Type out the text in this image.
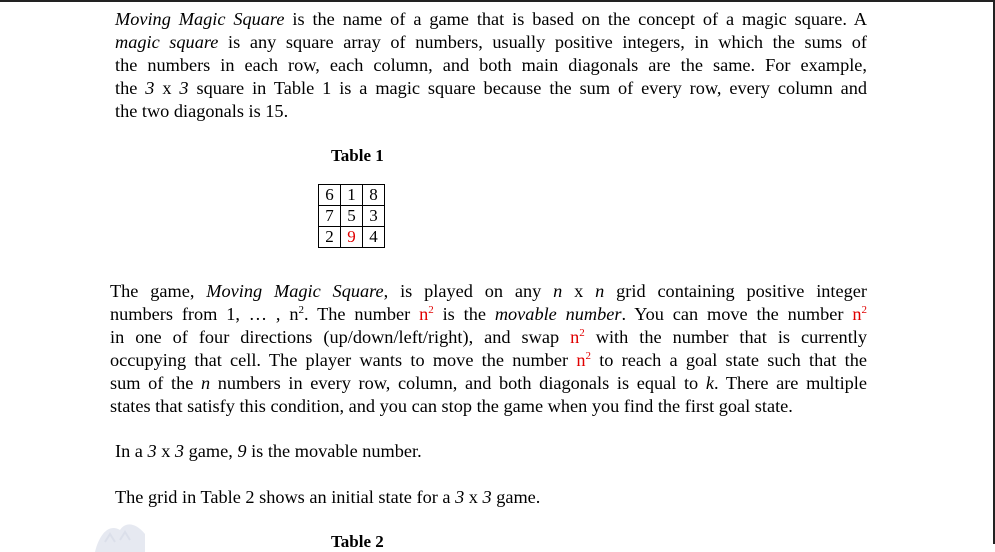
Moving Magic Square is the name of a game that is based on the concept of a magic square. A
magic square is any square array of numbers, usually positive integers, in which the sums of
the numbers in each row, each column, and both main diagonals are the same. For example,
the 3 x 3 square in Table 1 is a magic square because the sum of every row, every column and
the two diagonals is 15.
Table 1
6	1	8
7	5	3
2	9	4
The game, Moving Magic Square, is played on any n x n grid containing positive integer
numbers from 1, … , $n^2$. The number $n^2$ is the movable number. You can move the number $n^2$
in one of four directions (up/down/left/right), and swap $n^2$ with the number that is currently
occupying that cell. The player wants to move the number $n^2$ to reach a goal state such that the
sum of the n numbers in every row, column, and both diagonals is equal to k. There are multiple
states that satisfy this condition, and you can stop the game when you find the first goal state.
In a 3 x 3 game, 9 is the movable number.
The grid in Table 2 shows an initial state for a 3 x 3 game.
Table 2
